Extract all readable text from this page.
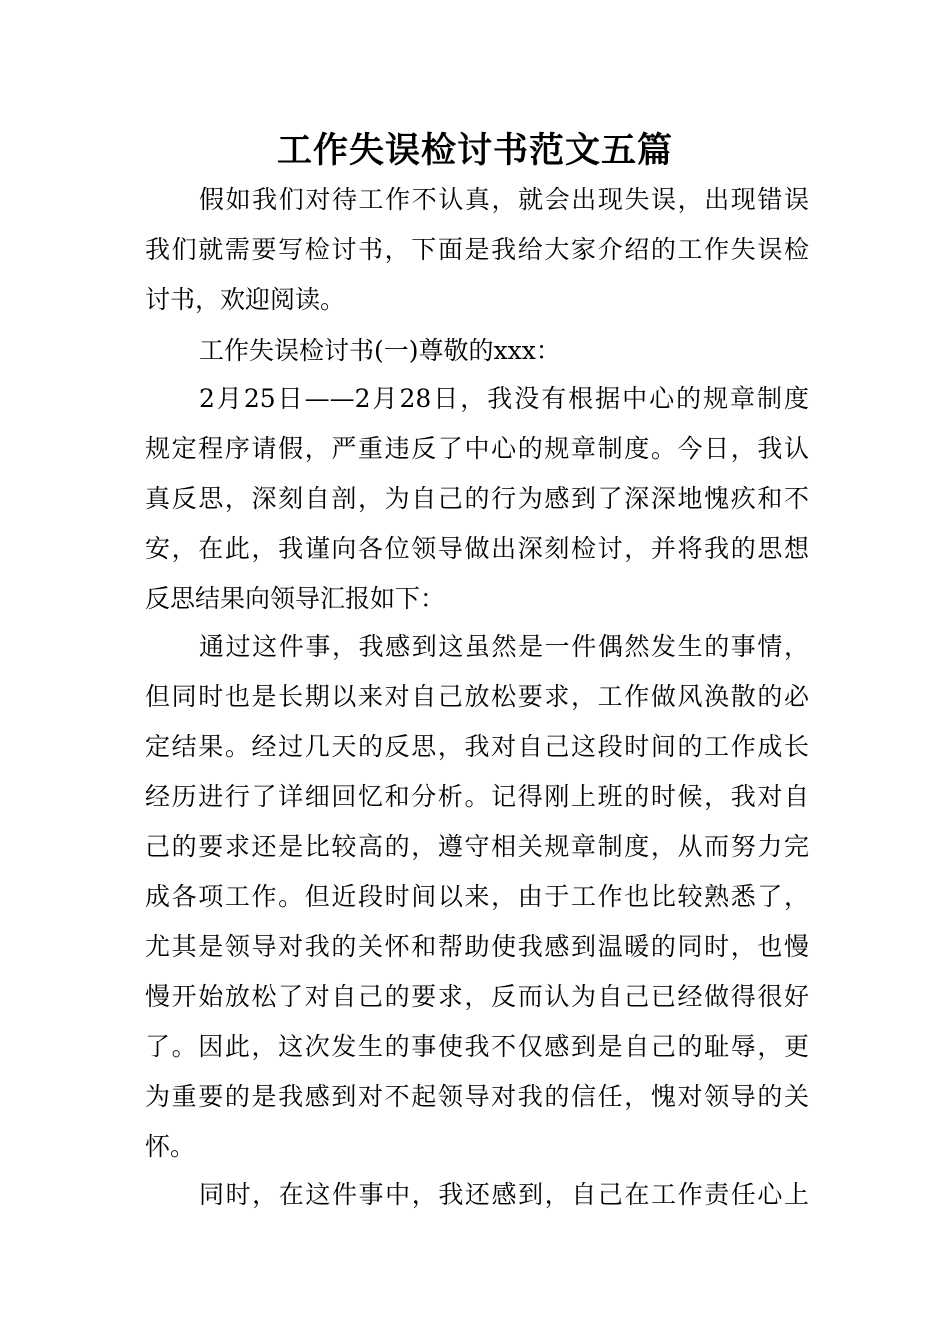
工作失误检讨书范文五篇
假如我们对待工作不认真，就会出现失误，出现错误
我们就需要写检讨书，下面是我给大家介绍的工作失误检
讨书，欢迎阅读。
工作失误检讨书(一)尊敬的xxx：
2月25日——2月28日，我没有根据中心的规章制度
规定程序请假，严重违反了中心的规章制度。今日，我认
真反思，深刻自剖，为自己的行为感到了深深地愧疚和不
安，在此，我谨向各位领导做出深刻检讨，并将我的思想
反思结果向领导汇报如下：
通过这件事，我感到这虽然是一件偶然发生的事情，
但同时也是长期以来对自己放松要求，工作做风涣散的必
定结果。经过几天的反思，我对自己这段时间的工作成长
经历进行了详细回忆和分析。记得刚上班的时候，我对自
己的要求还是比较高的，遵守相关规章制度，从而努力完
成各项工作。但近段时间以来，由于工作也比较熟悉了，
尤其是领导对我的关怀和帮助使我感到温暖的同时，也慢
慢开始放松了对自己的要求，反而认为自己已经做得很好
了。因此，这次发生的事使我不仅感到是自己的耻辱，更
为重要的是我感到对不起领导对我的信任，愧对领导的关
怀。
同时，在这件事中，我还感到，自己在工作责任心上
